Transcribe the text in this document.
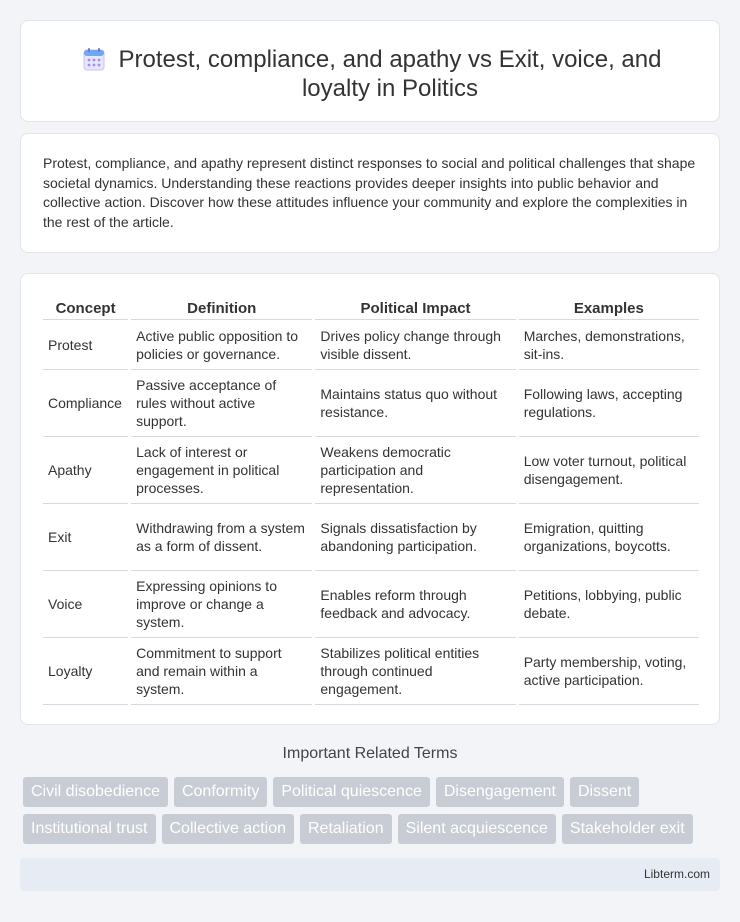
Protest, compliance, and apathy vs Exit, voice, and loyalty in Politics

Protest, compliance, and apathy represent distinct responses to social and political challenges that shape societal dynamics. Understanding these reactions provides deeper insights into public behavior and collective action. Discover how these attitudes influence your community and explore the complexities in the rest of the article.

Concept	Definition	Political Impact	Examples
Protest	Active public opposition to policies or governance.	Drives policy change through visible dissent.	Marches, demonstrations, sit-ins.
Compliance	Passive acceptance of rules without active support.	Maintains status quo without resistance.	Following laws, accepting regulations.
Apathy	Lack of interest or engagement in political processes.	Weakens democratic participation and representation.	Low voter turnout, political disengagement.
Exit	Withdrawing from a system as a form of dissent.	Signals dissatisfaction by abandoning participation.	Emigration, quitting organizations, boycotts.
Voice	Expressing opinions to improve or change a system.	Enables reform through feedback and advocacy.	Petitions, lobbying, public debate.
Loyalty	Commitment to support and remain within a system.	Stabilizes political entities through continued engagement.	Party membership, voting, active participation.
Important Related Terms
Civil disobedience	Conformity	Political quiescence	Disengagement	Dissent
Institutional trust	Collective action	Retaliation	Silent acquiescence	Stakeholder exit
Libterm.com
